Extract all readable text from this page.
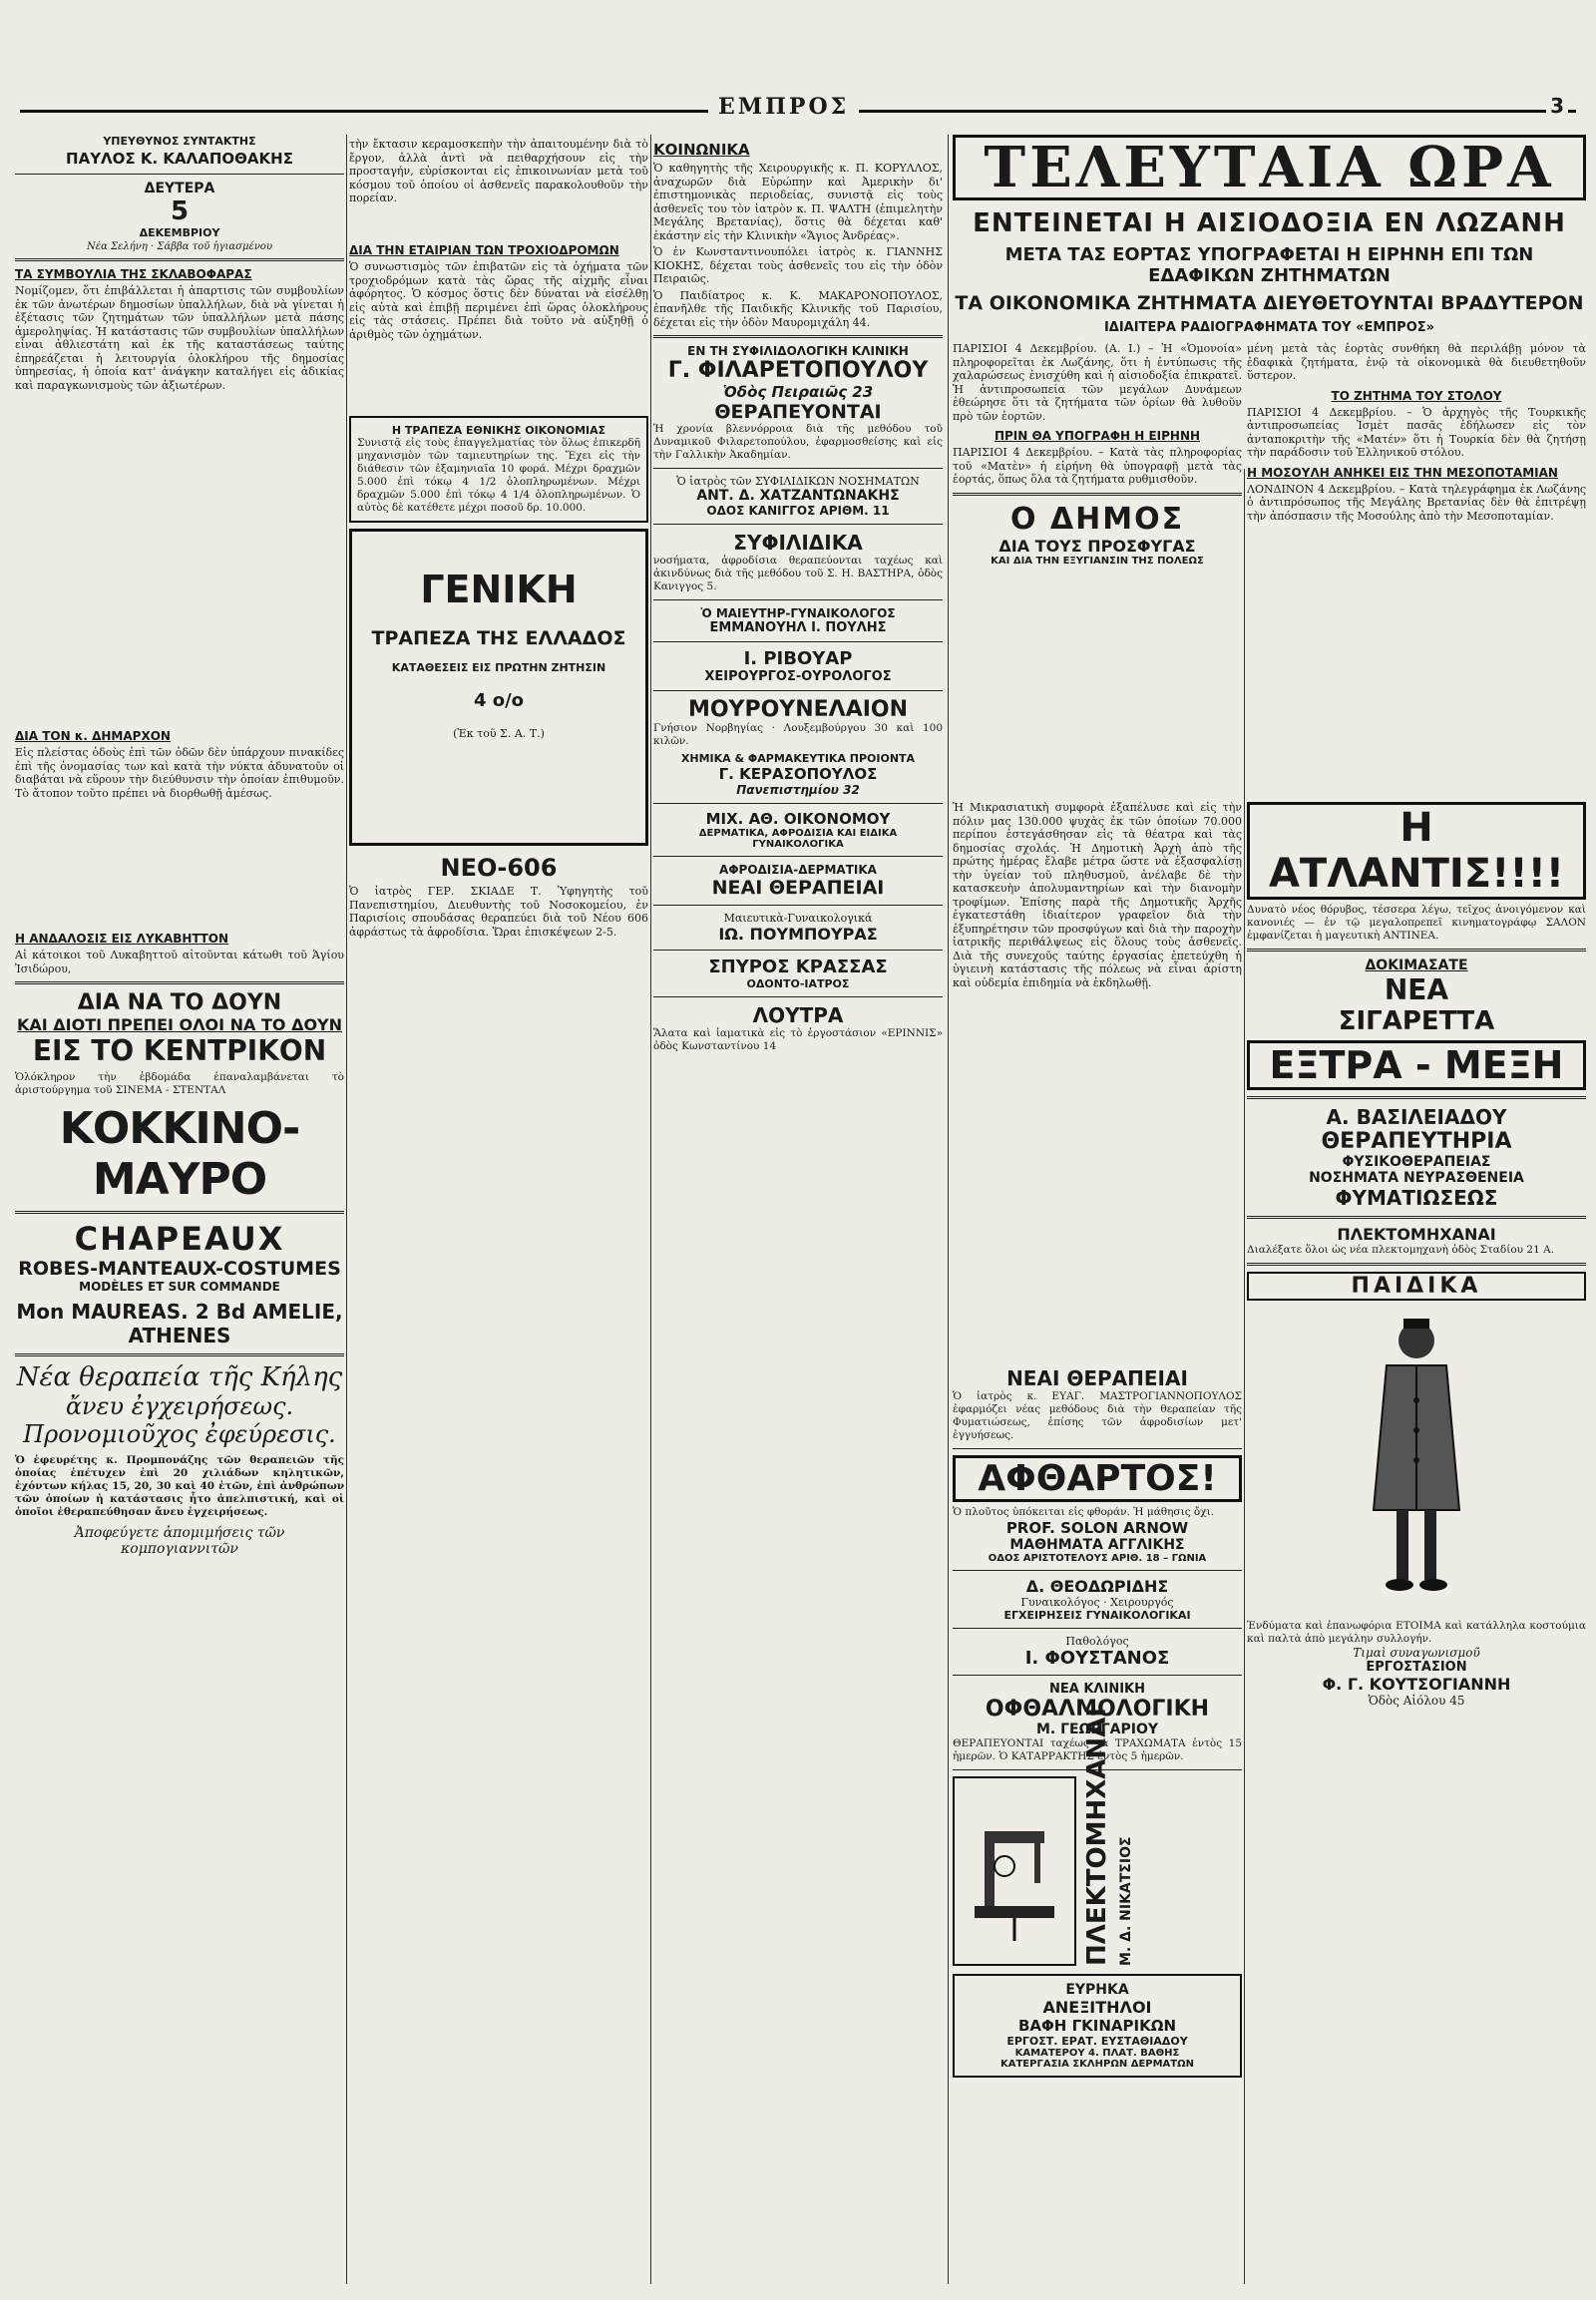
ΕΜΠΡΟΣ	3
ΥΠΕΥΘΥΝΟΣ ΣΥΝΤΑΚΤΗΣ
ΠΑΥΛΟΣ Κ. ΚΑΛΑΠΟΘΑΚΗΣ
ΔΕΥΤΕΡΑ
5
ΔΕΚΕΜΒΡΙΟΥ
Νέα Σελήνη · Σάββα τοῦ ἡγιασμένου
ΤΑ ΣΥΜΒΟΥΛΙΑ ΤΗΣ ΣΚΛΑΒΟΦΑΡΑΣ
Νομίζομεν, ὅτι ἐπιβάλλεται ἡ ἀπαρτισις τῶν συμβουλίων ἐκ τῶν ἀνωτέρων δημοσίων ὑπαλλήλων, διὰ νὰ γίνεται ἡ ἐξέτασις τῶν ζητημάτων τῶν ὑπαλλήλων μετὰ πάσης ἀμεροληψίας. Ἡ κατάστασις τῶν συμβουλίων ὑπαλλήλων εἶναι ἀθλιεστάτη καὶ ἐκ τῆς καταστάσεως ταύτης ἐπηρεάζεται ἡ λειτουργία ὁλοκλήρου τῆς δημοσίας ὑπηρεσίας, ἡ ὁποία κατ' ἀνάγκην καταλήγει εἰς ἀδικίας καὶ παραγκωνισμοὺς τῶν ἀξιωτέρων.
ΔΙΑ ΤΟΝ κ. ΔΗΜΑΡΧΟΝ
Εἰς πλείστας ὁδοὺς ἐπὶ τῶν ὁδῶν δὲν ὑπάρχουν πινακίδες ἐπὶ τῆς ὀνομασίας των καὶ κατὰ τὴν νύκτα ἀδυνατοῦν οἱ διαβάται νὰ εὕρουν τὴν διεύθυνσιν τὴν ὁποίαν ἐπιθυμοῦν. Τὸ ἄτοπον τοῦτο πρέπει νὰ διορθωθῇ ἀμέσως.
Η ΑΝΔΑΛΟΣΙΣ ΕΙΣ ΛΥΚΑΒΗΤΤΟΝ
Αἱ κάτοικοι τοῦ Λυκαβηττοῦ αἰτοῦνται κάτωθι τοῦ Ἁγίου Ἰσιδώρου,
ΔΙΑ ΝΑ ΤΟ ΔΟΥΝ
ΚΑΙ ΔΙΟΤΙ ΠΡΕΠΕΙ ΟΛΟΙ ΝΑ ΤΟ ΔΟΥΝ
ΕΙΣ ΤΟ ΚΕΝΤΡΙΚΟΝ
Ὁλόκληρον τὴν ἑβδομάδα ἐπαναλαμβάνεται τὸ ἀριστούργημα τοῦ ΣΙΝΕΜΑ - ΣΤΕΝΤΑΛ
ΚΟΚΚΙΝΟ-ΜΑΥΡΟ
CHAPEAUX
ROBES-MANTEAUX-COSTUMES
MODÈLES ET SUR COMMANDE
Mon MAUREAS. 2 Bd AMELIE, ATHENES
Νέα θεραπεία τῆς Κήλης
ἄνευ ἐγχειρήσεως.
Προνομιοῦχος ἐφεύρεσις.
Ὁ ἐφευρέτης κ. Προμπονάζης τῶν θεραπειῶν τῆς ὁποίας ἐπέτυχεν ἐπὶ 20 χιλιάδων κηλητικῶν, ἐχόντων κήλας 15, 20, 30 καὶ 40 ἐτῶν, ἐπὶ ἀνθρώπων τῶν ὁποίων ἡ κατάστασις ἦτο ἀπελπιστική, καὶ οἱ ὁποῖοι ἐθεραπεύθησαν ἄνευ ἐγχειρήσεως.
Ἀποφεύγετε ἀπομιμήσεις τῶν κομπογιαννιτῶν
τὴν ἔκτασιν κεραμοσκεπὴν τὴν ἀπαιτουμένην διὰ τὸ ἔργον, ἀλλὰ ἀντὶ νὰ πειθαρχήσουν εἰς τὴν προσταγήν, εὐρίσκονται εἰς ἐπικοινωνίαν μετὰ τοῦ κόσμου τοῦ ὁποίου οἱ ἀσθενεῖς παρακολουθοῦν τὴν πορείαν.
ΔΙΑ ΤΗΝ ΕΤΑΙΡΙΑΝ ΤΩΝ ΤΡΟΧΙΟΔΡΟΜΩΝ
Ὁ συνωστισμὸς τῶν ἐπιβατῶν εἰς τὰ ὀχήματα τῶν τροχιοδρόμων κατὰ τὰς ὥρας τῆς αἰχμῆς εἶναι ἀφόρητος. Ὁ κόσμος ὅστις δὲν δύναται νὰ εἰσέλθῃ εἰς αὐτὰ καὶ ἐπιβῇ περιμένει ἐπὶ ὥρας ὁλοκλήρους εἰς τὰς στάσεις. Πρέπει διὰ τοῦτο νὰ αὐξηθῇ ὁ ἀριθμὸς τῶν ὀχημάτων.
Η ΤΡΑΠΕΖΑ ΕΘΝΙΚΗΣ ΟΙΚΟΝΟΜΙΑΣ
Συνιστᾷ εἰς τοὺς ἐπαγγελματίας τὸν ὅλως ἐπικερδῆ μηχανισμὸν τῶν ταμιευτηρίων της. Ἔχει εἰς τὴν διάθεσιν τῶν ἐξαμηνιαῖα 10 φορά. Μέχρι δραχμῶν 5.000 ἐπὶ τόκῳ 4 1/2 ὁλοπληρωμένων. Μέχρι δραχμῶν 5.000 ἐπὶ τόκῳ 4 1/4 ὁλοπληρωμένων. Ὁ αὐτὸς δὲ κατέθετε μέχρι ποσοῦ δρ. 10.000.
ΓΕΝΙΚΗ
ΤΡΑΠΕΖΑ ΤΗΣ ΕΛΛΑΔΟΣ
ΚΑΤΑΘΕΣΕΙΣ ΕΙΣ ΠΡΩΤΗΝ ΖΗΤΗΣΙΝ
4 ο/ο
(Ἐκ τοῦ Σ. Α. Τ.)
ΝΕΟ-606
Ὁ ἰατρὸς ΓΕΡ. ΣΚΙΑΔΕ Τ. Ὑφηγητὴς τοῦ Πανεπιστημίου, Διευθυντὴς τοῦ Νοσοκομείου, ἐν Παρισίοις σπουδάσας θεραπεύει διὰ τοῦ Νέου 606 ἀφράστως τὰ ἀφροδίσια. Ὥραι ἐπισκέψεων 2-5.
ΚΟΙΝΩΝΙΚΑ
Ὁ καθηγητὴς τῆς Χειρουργικῆς κ. Π. ΚΟΡΥΛΛΟΣ, ἀναχωρῶν διὰ Εὐρώπην καὶ Ἀμερικὴν δι' ἐπιστημονικὰς περιοδείας, συνιστᾷ εἰς τοὺς ἀσθενεῖς του τὸν ἰατρὸν κ. Π. ΨΑΛΤΗ (ἐπιμελητὴν Μεγάλης Βρετανίας), ὅστις θὰ δέχεται καθ' ἑκάστην εἰς τὴν Κλινικὴν «Ἅγιος Ἀνδρέας».
Ὁ ἐν Κωνσταντινουπόλει ἰατρὸς κ. ΓΙΑΝΝΗΣ ΚΙΟΚΗΣ, δέχεται τοὺς ἀσθενεῖς του εἰς τὴν ὁδὸν Πειραιῶς.
Ὁ Παιδίατρος κ. Κ. ΜΑΚΑΡΟΝΟΠΟΥΛΟΣ, ἐπανῆλθε τῆς Παιδικῆς Κλινικῆς τοῦ Παρισίου, δέχεται εἰς τὴν ὁδὸν Μαυρομιχάλη 44.
ΕΝ ΤΗ ΣΥΦΙΛΙΔΟΛΟΓΙΚΗ ΚΛΙΝΙΚΗ
Γ. ΦΙΛΑΡΕΤΟΠΟΥΛΟΥ
Ὁδὸς Πειραιῶς 23
ΘΕΡΑΠΕΥΟΝΤΑΙ
Ἡ χρονία βλεννόρροια διὰ τῆς μεθόδου τοῦ Δυναμικοῦ Φιλαρετοπούλου, ἐφαρμοσθείσης καὶ εἰς τὴν Γαλλικὴν Ἀκαδημίαν.
Ὁ ἰατρὸς τῶν ΣΥΦΙΛΙΔΙΚΩΝ ΝΟΣΗΜΑΤΩΝ
ΑΝΤ. Δ. ΧΑΤΖΑΝΤΩΝΑΚΗΣ
ΟΔΟΣ ΚΑΝΙΓΓΟΣ ΑΡΙΘΜ. 11
ΣΥΦΙΛΙΔΙΚΑ
νοσήματα, ἀφροδίσια θεραπεύονται ταχέως καὶ ἀκινδύνως διὰ τῆς μεθόδου τοῦ Σ. Η. ΒΑΣΤΗΡΑ, ὁδὸς Κανιγγος 5.
Ὁ ΜΑΙΕΥΤΗΡ-ΓΥΝΑΙΚΟΛΟΓΟΣ
ΕΜΜΑΝΟΥΗΛ Ι. ΠΟΥΛΗΣ
Ι. ΡΙΒΟΥΑΡ
ΧΕΙΡΟΥΡΓΟΣ-ΟΥΡΟΛΟΓΟΣ
ΜΟΥΡΟΥΝΕΛΑΙΟΝ
Γνήσιον Νορβηγίας · Λουξεμβούργου 30 καὶ 100 κιλῶν.
ΧΗΜΙΚΑ & ΦΑΡΜΑΚΕΥΤΙΚΑ ΠΡΟΙΟΝΤΑ
Γ. ΚΕΡΑΣΟΠΟΥΛΟΣ
Πανεπιστημίου 32
ΜΙΧ. ΑΘ. ΟΙΚΟΝΟΜΟΥ
ΔΕΡΜΑΤΙΚΑ, ΑΦΡΟΔΙΣΙΑ ΚΑΙ ΕΙΔΙΚΑ ΓΥΝΑΙΚΟΛΟΓΙΚΑ
ΑΦΡΟΔΙΣΙΑ-ΔΕΡΜΑΤΙΚΑ
ΝΕΑΙ ΘΕΡΑΠΕΙΑΙ
Μαιευτικὰ-Γυναικολογικά
ΙΩ. ΠΟΥΜΠΟΥΡΑΣ
ΣΠΥΡΟΣ ΚΡΑΣΣΑΣ
ΟΔΟΝΤΟ-ΙΑΤΡΟΣ
ΛΟΥΤΡΑ
Ἅλατα καὶ ἰαματικὰ εἰς τὸ ἐργοστάσιον «ΕΡΙΝΝΙΣ» ὁδὸς Κωνσταντίνου 14
ΤΕΛΕΥΤΑΙΑ ΩΡΑ
ΕΝΤΕΙΝΕΤΑΙ Η ΑΙΣΙΟΔΟΞΙΑ ΕΝ ΛΩΖΑΝΗ
ΜΕΤΑ ΤΑΣ ΕΟΡΤΑΣ ΥΠΟΓΡΑΦΕΤΑΙ Η ΕΙΡΗΝΗ ΕΠΙ ΤΩΝ ΕΔΑΦΙΚΩΝ ΖΗΤΗΜΑΤΩΝ
ΤΑ ΟΙΚΟΝΟΜΙΚΑ ΖΗΤΗΜΑΤΑ ΔΙΕΥΘΕΤΟΥΝΤΑΙ ΒΡΑΔΥΤΕΡΟΝ
ΙΔΙΑΙΤΕΡΑ ΡΑΔΙΟΓΡΑΦΗΜΑΤΑ ΤΟΥ «ΕΜΠΡΟΣ»
ΠΑΡΙΣΙΟΙ 4 Δεκεμβρίου. (Α. Ι.) – Ἡ «Ὁμονοία» πληροφορεῖται ἐκ Λωζάνης, ὅτι ἡ ἐντύπωσις τῆς χαλαρώσεως ἐνισχύθη καὶ ἡ αἰσιοδοξία ἐπικρατεῖ. Ἡ ἀντιπροσωπεία τῶν μεγάλων Δυνάμεων ἐθεώρησε ὅτι τὰ ζητήματα τῶν ὁρίων θὰ λυθοῦν πρὸ τῶν ἑορτῶν.
ΠΡΙΝ ΘΑ ΥΠΟΓΡΑΦΗ Η ΕΙΡΗΝΗ
ΠΑΡΙΣΙΟΙ 4 Δεκεμβρίου. – Κατὰ τὰς πληροφορίας τοῦ «Ματὲν» ἡ εἰρήνη θὰ ὑπογραφῇ μετὰ τὰς ἑορτάς, ὅπως ὅλα τὰ ζητήματα ρυθμισθοῦν.
Ο ΔΗΜΟΣ
ΔΙΑ ΤΟΥΣ ΠΡΟΣΦΥΓΑΣ
ΚΑΙ ΔΙΑ ΤΗΝ ΕΞΥΓΙΑΝΣΙΝ ΤΗΣ ΠΟΛΕΩΣ
μένη μετὰ τὰς ἑορτὰς συνθήκη θὰ περιλάβῃ μόνον τὰ ἐδαφικὰ ζητήματα, ἐνῷ τὰ οἰκονομικὰ θὰ διευθετηθοῦν ὕστερον.
ΤΟ ΖΗΤΗΜΑ ΤΟΥ ΣΤΟΛΟΥ
ΠΑΡΙΣΙΟΙ 4 Δεκεμβρίου. – Ὁ ἀρχηγὸς τῆς Τουρκικῆς ἀντιπροσωπείας Ἰσμὲτ πασᾶς ἐδήλωσεν εἰς τὸν ἀνταποκριτὴν τῆς «Ματέν» ὅτι ἡ Τουρκία δὲν θὰ ζητήσῃ τὴν παράδοσιν τοῦ Ἑλληνικοῦ στόλου.
Η ΜΟΣΟΥΛΗ ΑΝΗΚΕΙ ΕΙΣ ΤΗΝ ΜΕΣΟΠΟΤΑΜΙΑΝ
ΛΟΝΔΙΝΟΝ 4 Δεκεμβρίου. – Κατὰ τηλεγράφημα ἐκ Λωζάνης ὁ ἀντιπρόσωπος τῆς Μεγάλης Βρετανίας δὲν θὰ ἐπιτρέψῃ τὴν ἀπόσπασιν τῆς Μοσούλης ἀπὸ τὴν Μεσοποταμίαν.
Ἡ Μικρασιατικὴ συμφορὰ ἐξαπέλυσε καὶ εἰς τὴν πόλιν μας 130.000 ψυχὰς ἐκ τῶν ὁποίων 70.000 περίπου ἐστεγάσθησαν εἰς τὰ θέατρα καὶ τὰς δημοσίας σχολάς. Ἡ Δημοτικὴ Ἀρχὴ ἀπὸ τῆς πρώτης ἡμέρας ἔλαβε μέτρα ὥστε νὰ ἐξασφαλίσῃ τὴν ὑγείαν τοῦ πληθυσμοῦ, ἀνέλαβε δὲ τὴν κατασκευὴν ἀπολυμαντηρίων καὶ τὴν διανομὴν τροφίμων. Ἐπίσης παρὰ τῆς Δημοτικῆς Ἀρχῆς ἐγκατεστάθη ἰδιαίτερον γραφεῖον διὰ τὴν ἐξυπηρέτησιν τῶν προσφύγων καὶ διὰ τὴν παροχὴν ἰατρικῆς περιθάλψεως εἰς ὅλους τοὺς ἀσθενεῖς. Διὰ τῆς συνεχοῦς ταύτης ἐργασίας ἐπετεύχθη ἡ ὑγιεινὴ κατάστασις τῆς πόλεως νὰ εἶναι ἀρίστη καὶ οὐδεμία ἐπιδημία νὰ ἐκδηλωθῇ.
Η ΑΤΛΑΝΤΙΣ!!!!
Δυνατὸ νέος θόρυβος, τέσσερα λέγω, τεῖχος ἀνοιγόμενον καὶ κανονιές — ἐν τῷ μεγαλοπρεπεῖ κινηματογράφῳ ΣΑΛΟΝ ἐμφανίζεται ἡ μαγευτικὴ ΑΝΤΙΝΕΑ.
ΔΟΚΙΜΑΣΑΤΕ
ΝΕΑ
ΣΙΓΑΡΕΤΤΑ
ΕΞΤΡΑ - ΜΕΞΗ
Α. ΒΑΣΙΛΕΙΑΔΟΥ
ΘΕΡΑΠΕΥΤΗΡΙΑ
ΦΥΣΙΚΟΘΕΡΑΠΕΙΑΣ
ΝΟΣΗΜΑΤΑ ΝΕΥΡΑΣΘΕΝΕΙΑ
ΦΥΜΑΤΙΩΣΕΩΣ
ΠΛΕΚΤΟΜΗΧΑΝΑΙ
Διαλέξατε ὅλοι ὡς νέα πλεκτομηχανὴ ὁδὸς Σταδίου 21 Α.
ΠΑΙΔΙΚΑ
Ἐνδύματα καὶ ἐπανωφόρια ΕΤΟΙΜΑ καὶ κατάλληλα κοστούμια καὶ παλτὰ ἀπὸ μεγάλην συλλογήν.
Τιμαὶ συναγωνισμοῦ
ΕΡΓΟΣΤΑΣΙΟΝ
Φ. Γ. ΚΟΥΤΣΟΓΙΑΝΝΗ
Ὁδὸς Αἰόλου 45
ΝΕΑΙ ΘΕΡΑΠΕΙΑΙ
Ὁ ἰατρὸς κ. ΕΥΑΓ. ΜΑΣΤΡΟΓΙΑΝΝΟΠΟΥΛΟΣ ἐφαρμόζει νέας μεθόδους διὰ τὴν θεραπείαν τῆς Φυματιώσεως, ἐπίσης τῶν ἀφροδισίων μετ' ἐγγυήσεως.
ΑΦΘΑΡΤΟΣ!
Ὁ πλοῦτος ὑπόκειται εἰς φθοράν. Ἡ μάθησις ὄχι.
PROF. SOLON ARNOW
ΜΑΘΗΜΑΤΑ ΑΓΓΛΙΚΗΣ
ΟΔΟΣ ΑΡΙΣΤΟΤΕΛΟΥΣ ΑΡΙΘ. 18 – ΓΩΝΙΑ
Δ. ΘΕΟΔΩΡΙΔΗΣ
Γυναικολόγος · Χειρουργός
ΕΓΧΕΙΡΗΣΕΙΣ ΓΥΝΑΙΚΟΛΟΓΙΚΑΙ
Παθολόγος
Ι. ΦΟΥΣΤΑΝΟΣ
ΝΕΑ ΚΛΙΝΙΚΗ
ΟΦΘΑΛΜΟΛΟΓΙΚΗ
Μ. ΓΕΩΡΓΑΡΙΟΥ
ΘΕΡΑΠΕΥΟΝΤΑΙ ταχέως τὰ ΤΡΑΧΩΜΑΤΑ ἐντὸς 15 ἡμερῶν. Ὁ ΚΑΤΑΡΡΑΚΤΗΣ ἐντὸς 5 ἡμερῶν.
ΠΛΕΚΤΟΜΗΧΑΝΑΙ Μ. Δ. ΝΙΚΑΤΣΙΟΣ
ΕΥΡΗΚΑ
ΑΝΕΞΙΤΗΛΟΙ
ΒΑΦΗ ΓΚΙΝΑΡΙΚΩΝ
ΕΡΓΟΣΤ. ΕΡΑΤ. ΕΥΣΤΑΘΙΑΔΟΥ
ΚΑΜΑΤΕΡΟΥ 4. ΠΛΑΤ. ΒΑΘΗΣ
ΚΑΤΕΡΓΑΣΙΑ ΣΚΛΗΡΩΝ ΔΕΡΜΑΤΩΝ
